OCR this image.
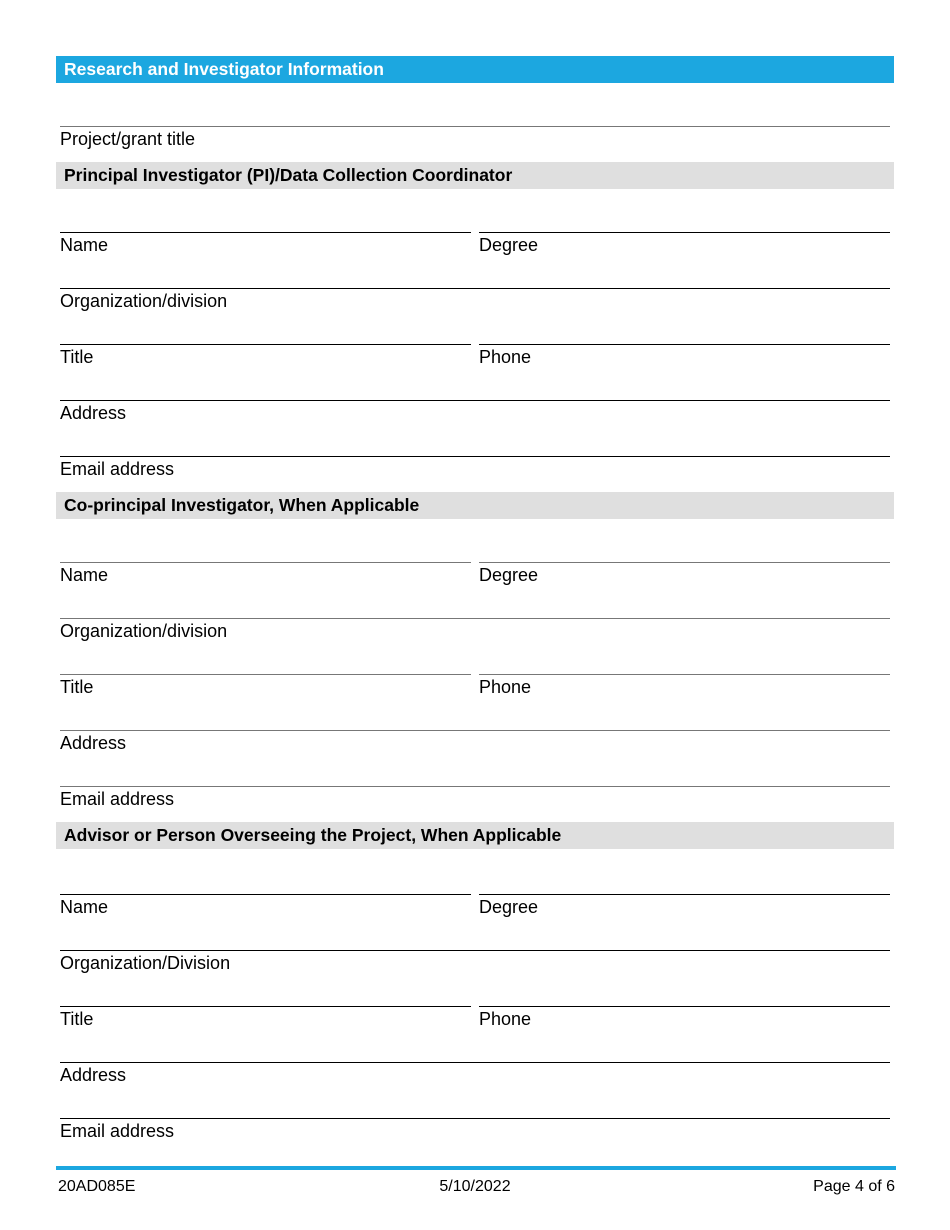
Research and Investigator Information
Project/grant title
Principal Investigator (PI)/Data Collection Coordinator
Name	Degree
Organization/division
Title	Phone
Address
Email address
Co-principal Investigator, When Applicable
Name	Degree
Organization/division
Title	Phone
Address
Email address
Advisor or Person Overseeing the Project, When Applicable
Name	Degree
Organization/Division
Title	Phone
Address
Email address
20AD085E	5/10/2022	Page 4 of 6
